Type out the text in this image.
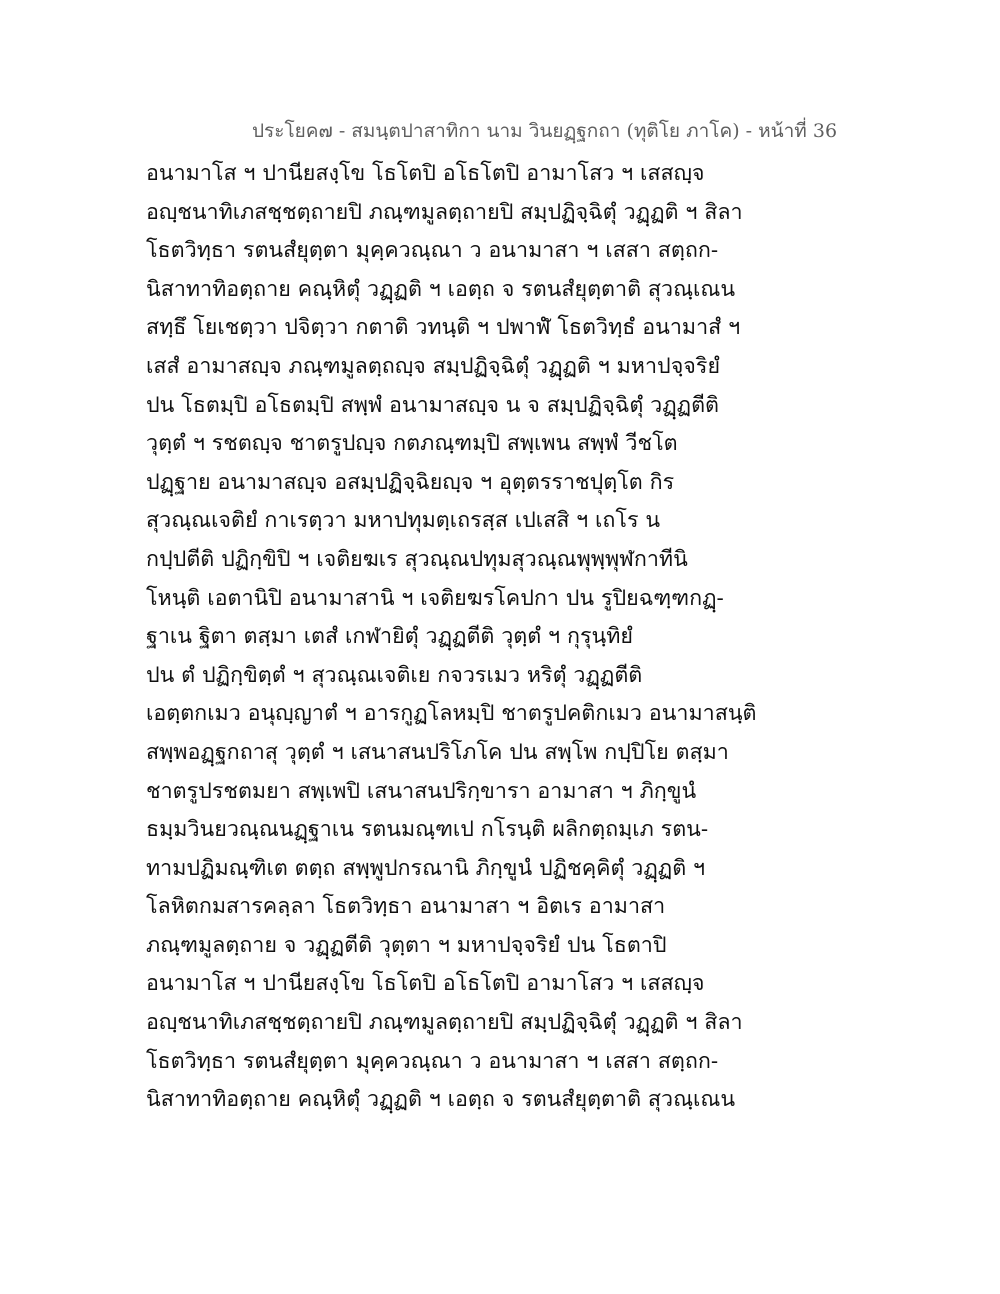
ประโยค๗ - สมนฺตปาสาทิกา นาม วินยฏฺฐกถา (ทุติโย ภาโค) - หน้าที่ 36
อนามาโส ฯ ปานียสงฺโข โธโตปิ อโธโตปิ อามาโสว ฯ เสสญฺจ
อญฺชนาทิเภสชฺชตฺถายปิ ภณฺฑมูลตฺถายปิ สมฺปฏิจฺฉิตุํ วฏฺฏติ ฯ สิลา
โธตวิทฺธา รตนสํยุตฺตา มุคฺควณฺณา ว อนามาสา ฯ เสสา สตฺถก-
นิสาทาทิอตฺถาย คณฺหิตุํ วฏฺฏติ ฯ เอตฺถ จ รตนสํยุตฺตาติ สุวณฺเณน
สทฺธึ โยเชตฺวา ปจิตฺวา กตาติ วทนฺติ ฯ ปพาฬํ โธตวิทฺธํ อนามาสํ ฯ
เสสํ อามาสญฺจ ภณฺฑมูลตฺถญฺจ สมฺปฏิจฺฉิตุํ วฏฺฏติ ฯ มหาปจฺจริยํ
ปน โธตมฺปิ อโธตมฺปิ สพฺพํ อนามาสญฺจ น จ สมฺปฏิจฺฉิตุํ วฏฺฏตีติ
วุตฺตํ ฯ รชตญฺจ ชาตรูปญฺจ กตภณฺฑมฺปิ สพฺเพน สพฺพํ วีชโต
ปฏฺฐาย อนามาสญฺจ อสมฺปฏิจฺฉิยญฺจ ฯ อุตฺตรราชปุตฺโต กิร
สุวณฺณเจติยํ กาเรตฺวา มหาปทุมตฺเถรสฺส เปเสสิ ฯ เถโร น
กปฺปตีติ ปฏิกฺขิปิ ฯ เจติยฆเร สุวณฺณปทุมสุวณฺณพุพฺพุฬกาทีนิ
โหนฺติ เอตานิปิ อนามาสานิ ฯ เจติยฆรโคปกา ปน รูปิยฉฑฺฑกฏฺ-
ฐาเน ฐิตา ตสฺมา เตสํ เกฬายิตุํ วฏฺฏตีติ วุตฺตํ ฯ กุรุนฺทิยํ
ปน ตํ ปฏิกฺขิตฺตํ ฯ สุวณฺณเจติเย กจวรเมว หริตุํ วฏฺฏตีติ
เอตฺตกเมว อนุญฺญาตํ ฯ อารกูฏโลหมฺปิ ชาตรูปคติกเมว อนามาสนฺติ
สพฺพอฏฺฐกถาสุ วุตฺตํ ฯ เสนาสนปริโภโค ปน สพฺโพ กปฺปิโย ตสฺมา
ชาตรูปรชตมยา สพฺเพปิ เสนาสนปริกฺขารา อามาสา ฯ ภิกฺขูนํ
ธมฺมวินยวณฺณนฏฺฐาเน รตนมณฺฑเป กโรนฺติ ผลิกตฺถมฺเภ รตน-
ทามปฏิมณฺฑิเต ตตฺถ สพฺพูปกรณานิ ภิกฺขูนํ ปฏิชคฺคิตุํ วฏฺฏติ ฯ
โลหิตกมสารคลฺลา โธตวิทฺธา อนามาสา ฯ อิตเร อามาสา
ภณฺฑมูลตฺถาย จ วฏฺฏตีติ วุตฺตา ฯ มหาปจฺจริยํ ปน โธตาปิ
อนามาโส ฯ ปานียสงฺโข โธโตปิ อโธโตปิ อามาโสว ฯ เสสญฺจ
อญฺชนาทิเภสชฺชตฺถายปิ ภณฺฑมูลตฺถายปิ สมฺปฏิจฺฉิตุํ วฏฺฏติ ฯ สิลา
โธตวิทฺธา รตนสํยุตฺตา มุคฺควณฺณา ว อนามาสา ฯ เสสา สตฺถก-
นิสาทาทิอตฺถาย คณฺหิตุํ วฏฺฏติ ฯ เอตฺถ จ รตนสํยุตฺตาติ สุวณฺเณน
